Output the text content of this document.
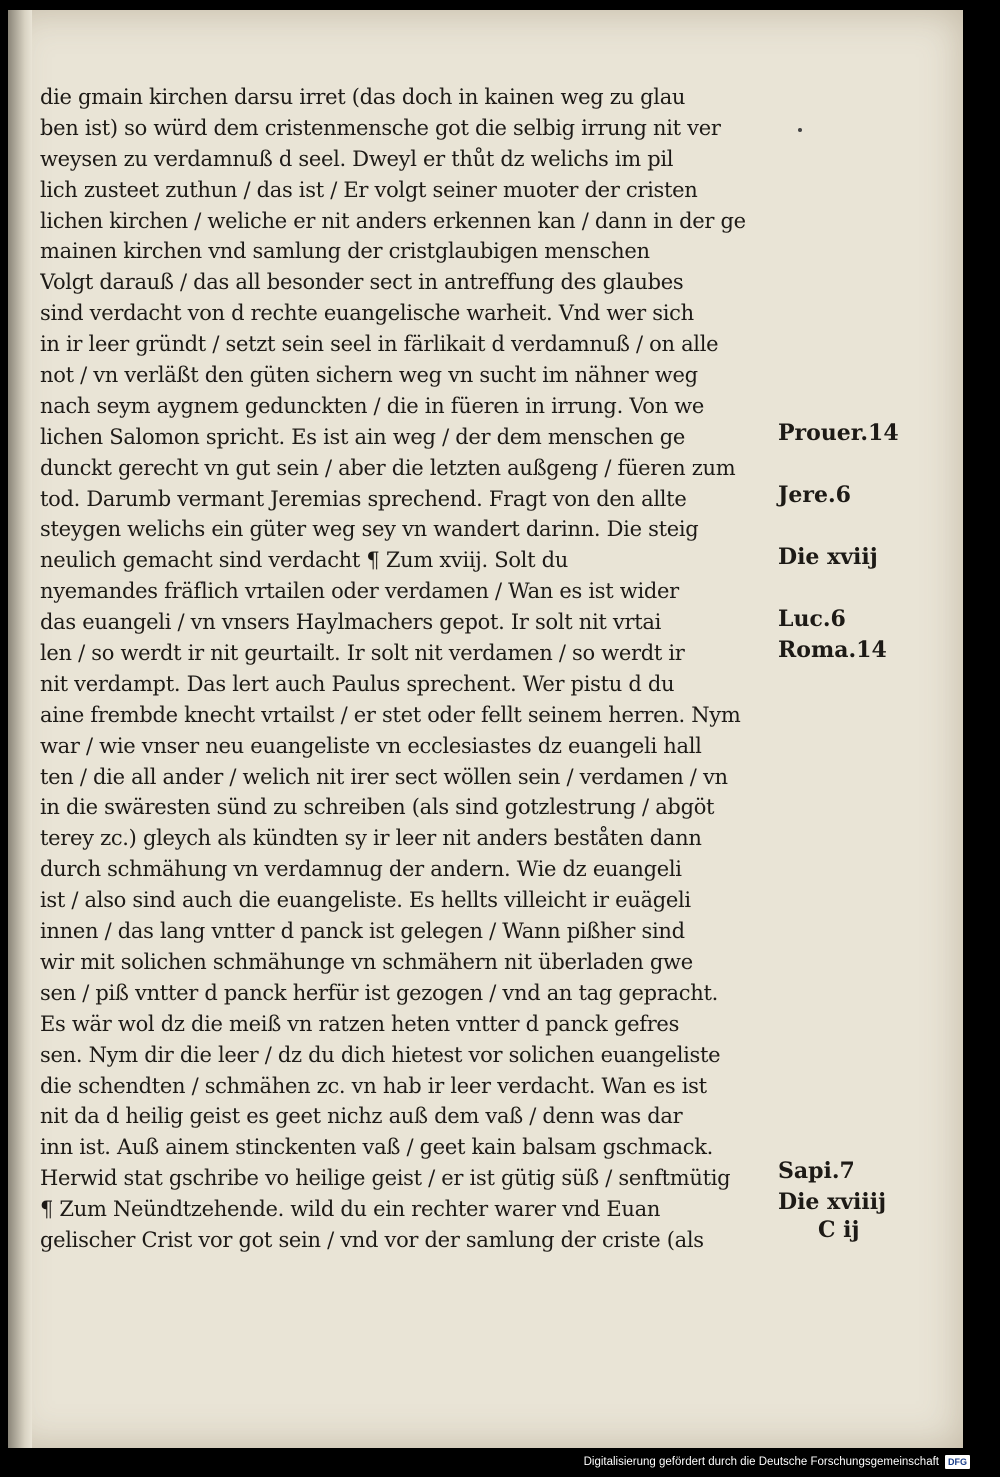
die gmain kirchen darsu irret (das doch in kainen weg zu glau
ben ist) so würd dem cristenmensche got die selbig irrung nit ver
weysen zu verdamnuß d seel. Dweyl er thůt dz welichs im pil
lich zusteet zuthun / das ist / Er volgt seiner muoter der cristen
lichen kirchen / weliche er nit anders erkennen kan / dann in der ge
mainen kirchen vnd samlung der cristglaubigen menschen
Volgt darauß / das all besonder sect in antreffung des glaubes
sind verdacht von d rechte euangelische warheit. Vnd wer sich
in ir leer gründt / setzt sein seel in färlikait d verdamnuß / on alle
not / vn verläßt den güten sichern weg vn sucht im nähner weg
nach seym aygnem gedunckten / die in füeren in irrung. Von we
lichen Salomon spricht. Es ist ain weg / der dem menschen ge
dunckt gerecht vn gut sein / aber die letzten außgeng / füeren zum
tod. Darumb vermant Jeremias sprechend. Fragt von den allte
steygen welichs ein güter weg sey vn wandert darinn. Die steig
neulich gemacht sind verdacht ¶ Zum xviij. Solt du
nyemandes fräflich vrtailen oder verdamen / Wan es ist wider
das euangeli / vn vnsers Haylmachers gepot. Ir solt nit vrtai
len / so werdt ir nit geurtailt. Ir solt nit verdamen / so werdt ir
nit verdampt. Das lert auch Paulus sprechent. Wer pistu d du
aine frembde knecht vrtailst / er stet oder fellt seinem herren. Nym
war / wie vnser neu euangeliste vn ecclesiastes dz euangeli hall
ten / die all ander / welich nit irer sect wöllen sein / verdamen / vn
in die swäresten sünd zu schreiben (als sind gotzlestrung / abgöt
terey zc.) gleych als kündten sy ir leer nit anders beståten dann
durch schmähung vn verdamnug der andern. Wie dz euangeli
ist / also sind auch die euangeliste. Es hellts villeicht ir euägeli
innen / das lang vntter d panck ist gelegen / Wann pißher sind
wir mit solichen schmähunge vn schmähern nit überladen gwe
sen / piß vntter d panck herfür ist gezogen / vnd an tag gepracht.
Es wär wol dz die meiß vn ratzen heten vntter d panck gefres
sen. Nym dir die leer / dz du dich hietest vor solichen euangeliste
die schendten / schmähen zc. vn hab ir leer verdacht. Wan es ist
nit da d heilig geist es geet nichz auß dem vaß / denn was dar
inn ist. Auß ainem stinckenten vaß / geet kain balsam gschmack.
Herwid stat gschribe vo heilige geist / er ist gütig süß / senftmütig
¶ Zum Neündtzehende. wild du ein rechter warer vnd Euan
gelischer Crist vor got sein / vnd vor der samlung der criste (als
Prouer.14
Jere.6
Die xviij
Luc.6
Roma.14
Sapi.7
Die xviiij
C ij
Digitalisierung gefördert durch die Deutsche Forschungsgemeinschaft	DFG
